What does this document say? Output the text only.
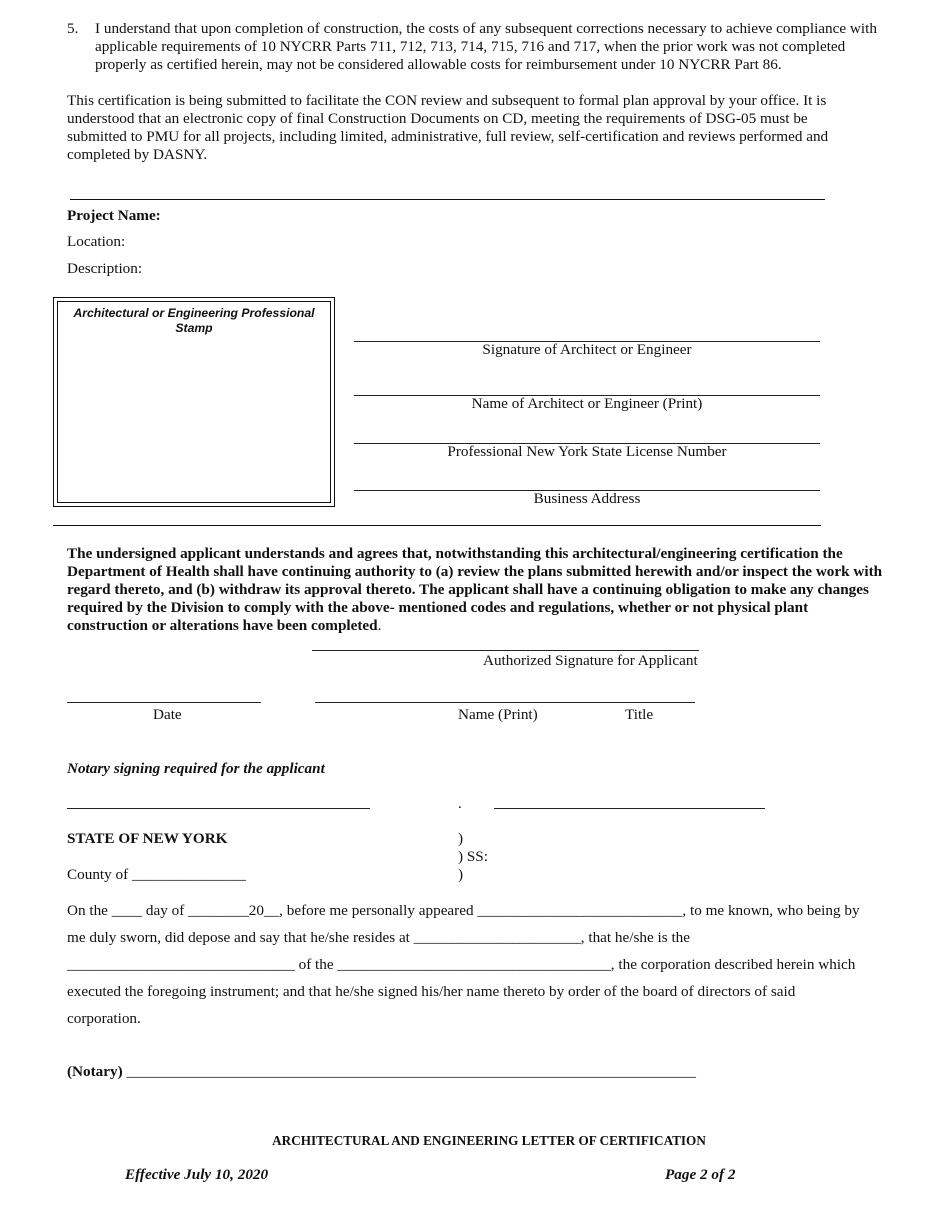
5. I understand that upon completion of construction, the costs of any subsequent corrections necessary to achieve compliance with applicable requirements of 10 NYCRR Parts 711, 712, 713, 714, 715, 716 and 717, when the prior work was not completed properly as certified herein, may not be considered allowable costs for reimbursement under 10 NYCRR Part 86.
This certification is being submitted to facilitate the CON review and subsequent to formal plan approval by your office. It is understood that an electronic copy of final Construction Documents on CD, meeting the requirements of DSG-05 must be submitted to PMU for all projects, including limited, administrative, full review, self-certification and reviews performed and completed by DASNY.
Project Name:
Location:
Description:
Architectural or Engineering Professional Stamp
Signature of Architect or Engineer
Name of Architect or Engineer (Print)
Professional New York State License Number
Business Address
The undersigned applicant understands and agrees that, notwithstanding this architectural/engineering certification the Department of Health shall have continuing authority to (a) review the plans submitted herewith and/or inspect the work with regard thereto, and (b) withdraw its approval thereto. The applicant shall have a continuing obligation to make any changes required by the Division to comply with the above- mentioned codes and regulations, whether or not physical plant construction or alterations have been completed.
Authorized Signature for Applicant
Date	Name (Print)	Title
Notary signing required for the applicant
.
STATE OF NEW YORK
County of _______________
)
) SS:
)
On the ____ day of ________20__, before me personally appeared ___________________________, to me known, who being by
me duly sworn, did depose and say that he/she resides at ______________________, that he/she is the
______________________________ of the ____________________________________, the corporation described herein which
executed the foregoing instrument; and that he/she signed his/her name thereto by order of the board of directors of said
corporation.
(Notary) ___________________________________________________________________________
ARCHITECTURAL AND ENGINEERING LETTER OF CERTIFICATION
Effective July 10, 2020	Page 2 of 2
